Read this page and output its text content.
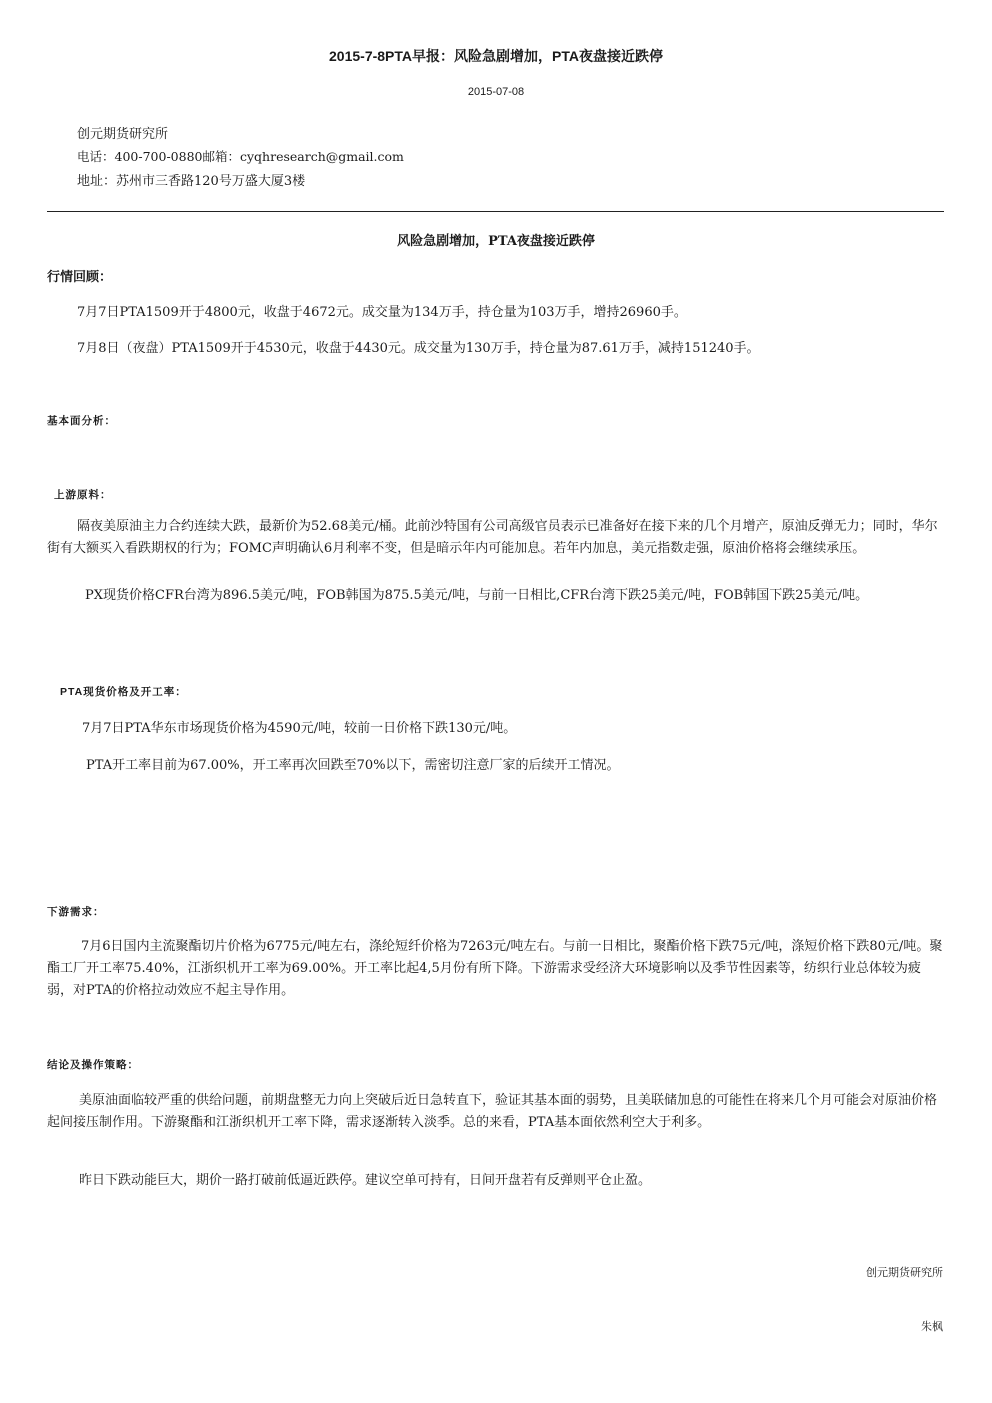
2015-7-8PTA早报：风险急剧增加，PTA夜盘接近跌停
2015-07-08
创元期货研究所
电话：400-700-0880邮箱：cyqhresearch@gmail.com
地址：苏州市三香路120号万盛大厦3楼
风险急剧增加，PTA夜盘接近跌停
行情回顾：
7月7日PTA1509开于4800元，收盘于4672元。成交量为134万手，持仓量为103万手，增持26960手。
7月8日（夜盘）PTA1509开于4530元，收盘于4430元。成交量为130万手，持仓量为87.61万手，减持151240手。
基本面分析：
上游原料：
隔夜美原油主力合约连续大跌，最新价为52.68美元/桶。此前沙特国有公司高级官员表示已准备好在接下来的几个月增产，原油反弹无力；同时，华尔街有大额买入看跌期权的行为；FOMC声明确认6月利率不变，但是暗示年内可能加息。若年内加息，美元指数走强，原油价格将会继续承压。
PX现货价格CFR台湾为896.5美元/吨，FOB韩国为875.5美元/吨，与前一日相比,CFR台湾下跌25美元/吨，FOB韩国下跌25美元/吨。
PTA现货价格及开工率：
7月7日PTA华东市场现货价格为4590元/吨，较前一日价格下跌130元/吨。
PTA开工率目前为67.00%，开工率再次回跌至70%以下，需密切注意厂家的后续开工情况。
下游需求：
7月6日国内主流聚酯切片价格为6775元/吨左右，涤纶短纤价格为7263元/吨左右。与前一日相比，聚酯价格下跌75元/吨，涤短价格下跌80元/吨。聚酯工厂开工率75.40%，江浙织机开工率为69.00%。开工率比起4,5月份有所下降。下游需求受经济大环境影响以及季节性因素等，纺织行业总体较为疲弱，对PTA的价格拉动效应不起主导作用。
结论及操作策略：
美原油面临较严重的供给问题，前期盘整无力向上突破后近日急转直下，验证其基本面的弱势，且美联储加息的可能性在将来几个月可能会对原油价格起间接压制作用。下游聚酯和江浙织机开工率下降，需求逐渐转入淡季。总的来看，PTA基本面依然利空大于利多。
昨日下跌动能巨大，期价一路打破前低逼近跌停。建议空单可持有，日间开盘若有反弹则平仓止盈。
创元期货研究所
朱枫
